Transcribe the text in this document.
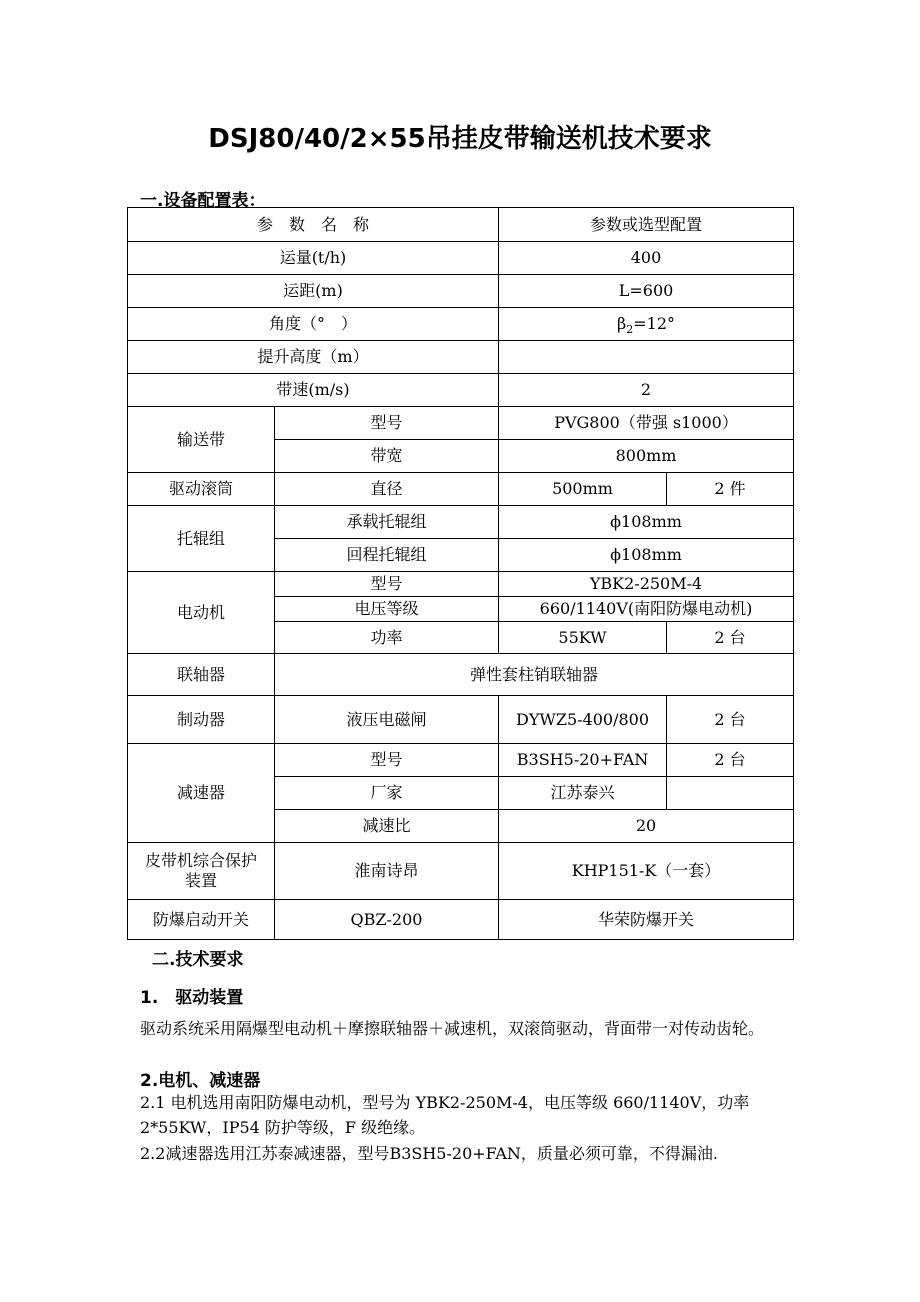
DSJ80/40/2×55吊挂皮带输送机技术要求
一.设备配置表：
参　数　名　称		参数或选型配置	
运量(t/h)		400	
运距(m)		L=600	
角度（°　）		$\beta_2=12^\circ$	
提升高度（m）			
带速(m/s)		2	
输送带	型号	PVG800（带强 s1000）	
	带宽	800mm	
驱动滚筒	直径	500mm	2 件
托辊组	承载托辊组	ϕ108mm	
	回程托辊组	ϕ108mm	
电动机	型号	YBK2-250M-4	
	电压等级	660/1140V(南阳防爆电动机)	
	功率	55KW	2 台
联轴器	弹性套柱销联轴器		
制动器	液压电磁闸	DYWZ5-400/800	2 台
减速器	型号	B3SH5-20+FAN	2 台
	厂家	江苏泰兴	
	减速比	20	
皮带机综合保护
装置	淮南诗昂	KHP151-K（一套）	
防爆启动开关	QBZ-200	华荣防爆开关	
二.技术要求
1.　驱动装置
驱动系统采用隔爆型电动机＋摩擦联轴器＋减速机，双滚筒驱动，背面带一对传动齿轮。
2.电机、减速器
2.1 电机选用南阳防爆电动机，型号为 YBK2-250M-4，电压等级 660/1140V，功率 2*55KW，IP54 防护等级，F 级绝缘。
2.2减速器选用江苏泰减速器，型号B3SH5-20+FAN，质量必须可靠，不得漏油.
